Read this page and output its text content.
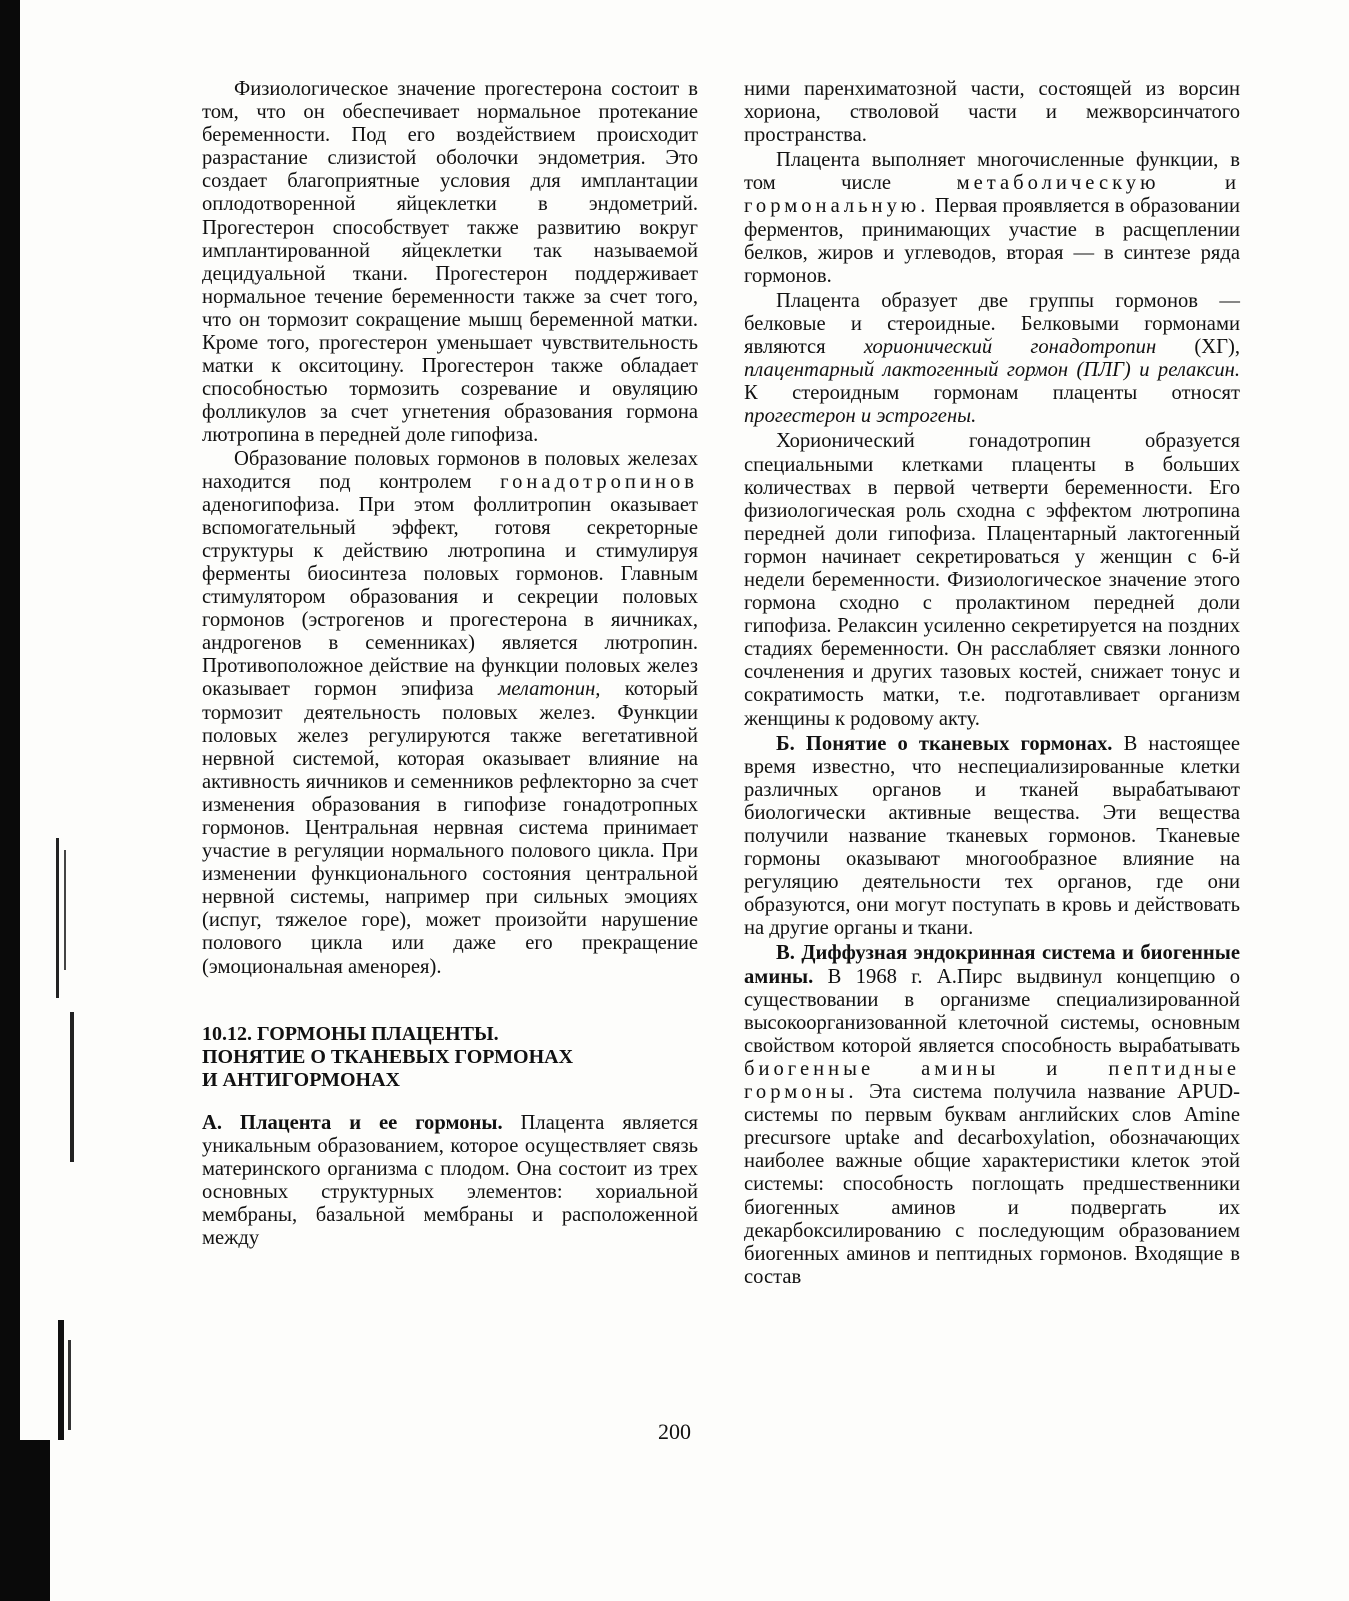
Физиологическое значение прогестерона состоит в том, что он обеспечивает нормальное протекание беременности. Под его воздействием происходит разрастание слизистой оболочки эндометрия. Это создает благоприятные условия для имплантации оплодотворенной яйцеклетки в эндометрий. Прогестерон способствует также развитию вокруг имплантированной яйцеклетки так называемой децидуальной ткани. Прогестерон поддерживает нормальное течение беременности также за счет того, что он тормозит сокращение мышц беременной матки. Кроме того, прогестерон уменьшает чувствительность матки к окситоцину. Прогестерон также обладает способностью тормозить созревание и овуляцию фолликулов за счет угнетения образования гормона лютропина в передней доле гипофиза.

Образование половых гормонов в половых железах находится под контролем гонадотропинов аденогипофиза. При этом фоллитропин оказывает вспомогательный эффект, готовя секреторные структуры к действию лютропина и стимулируя ферменты биосинтеза половых гормонов. Главным стимулятором образования и секреции половых гормонов (эстрогенов и прогестерона в яичниках, андрогенов в семенниках) является лютропин. Противоположное действие на функции половых желез оказывает гормон эпифиза мелатонин, который тормозит деятельность половых желез. Функции половых желез регулируются также вегетативной нервной системой, которая оказывает влияние на активность яичников и семенников рефлекторно за счет изменения образования в гипофизе гонадотропных гормонов. Центральная нервная система принимает участие в регуляции нормального полового цикла. При изменении функционального состояния центральной нервной системы, например при сильных эмоциях (испуг, тяжелое горе), может произойти нарушение полового цикла или даже его прекращение (эмоциональная аменорея).

10.12. ГОРМОНЫ ПЛАЦЕНТЫ.
ПОНЯТИЕ О ТКАНЕВЫХ ГОРМОНАХ
И АНТИГОРМОНАХ

А. Плацента и ее гормоны. Плацента является уникальным образованием, которое осуществляет связь материнского организма с плодом. Она состоит из трех основных структурных элементов: хориальной мембраны, базальной мембраны и расположенной между

ними паренхиматозной части, состоящей из ворсин хориона, стволовой части и межворсинчатого пространства.

Плацента выполняет многочисленные функции, в том числе метаболическую	и гормональную. Первая проявляется в образовании ферментов, принимающих участие в расщеплении белков, жиров и углеводов, вторая — в синтезе ряда гормонов.

Плацента образует две группы гормонов — белковые и стероидные. Белковыми гормонами являются хорионический гонадотропин (ХГ), плацентарный лактогенный гормон (ПЛГ) и релаксин. К стероидным гормонам плаценты относят прогестерон и эстрогены.

Хорионический гонадотропин образуется специальными клетками плаценты в больших количествах в первой четверти беременности. Его физиологическая роль сходна с эффектом лютропина передней доли гипофиза. Плацентарный лактогенный гормон начинает секретироваться у женщин с 6-й недели беременности. Физиологическое значение этого гормона сходно с пролактином передней доли гипофиза. Релаксин усиленно секретируется на поздних стадиях беременности. Он расслабляет связки лонного сочленения и других тазовых костей, снижает тонус и сократимость матки, т.е. подготавливает организм женщины к родовому акту.

Б. Понятие о тканевых гормонах. В настоящее время известно, что неспециализированные клетки различных органов и тканей вырабатывают биологически активные вещества. Эти вещества получили название тканевых гормонов. Тканевые гормоны оказывают многообразное влияние на регуляцию деятельности тех органов, где они образуются, они могут поступать в кровь и действовать на другие органы и ткани.

В. Диффузная эндокринная система и биогенные амины. В 1968 г. А.Пирс выдвинул концепцию о существовании в организме специализированной высокоорганизованной клеточной системы, основным свойством которой является способность вырабатывать биогенные амины и пептидные гормоны. Эта система получила название APUD-системы по первым буквам английских слов Amine precursore uptake and decarboxylation, обозначающих наиболее важные общие характеристики клеток этой системы: способность поглощать предшественники биогенных аминов и подвергать их декарбоксилированию с последующим образованием биогенных аминов и пептидных гормонов. Входящие в состав

200
